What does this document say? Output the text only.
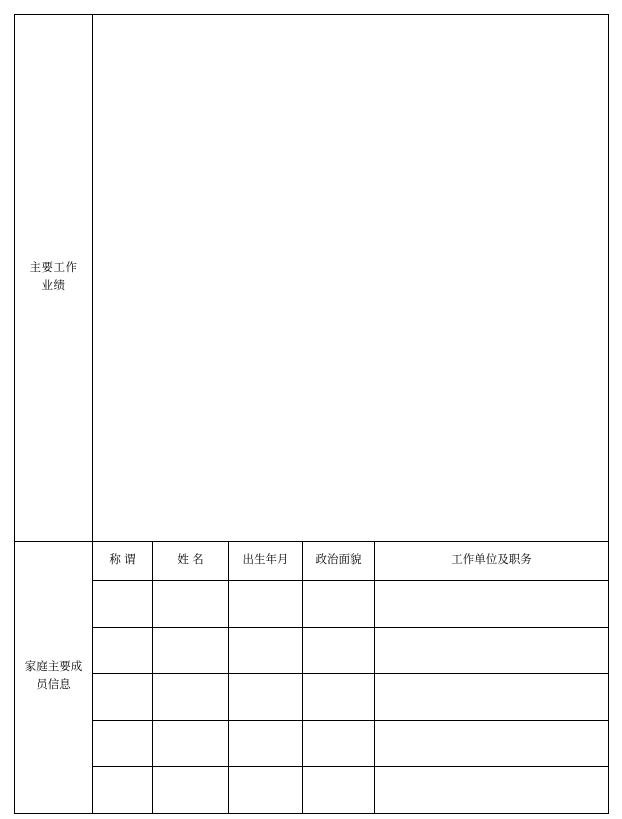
主要工作业绩					

家庭主要成员信息	称 谓	姓 名	出生年月	政治面貌	工作单位及职务
